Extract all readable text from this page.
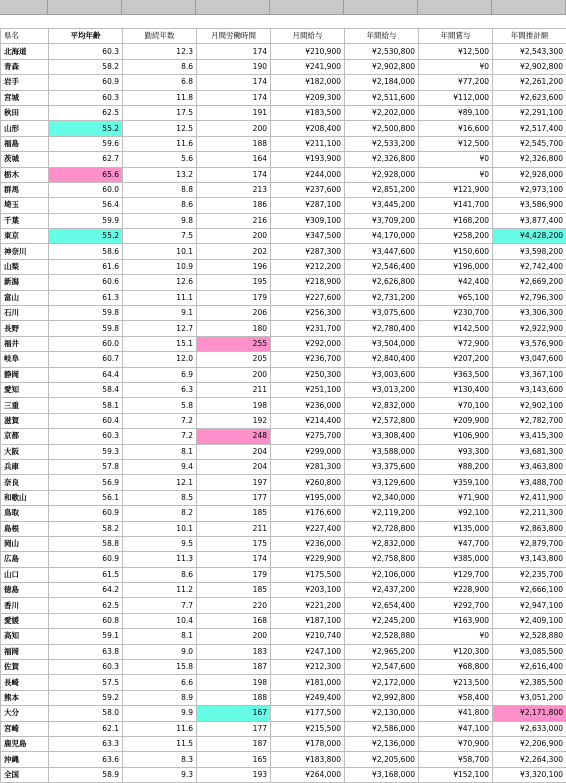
県名	平均年齢	勤続年数	月間労働時間	月間給与	年間給与	年間賞与	年間推計額
北海道	60.3	12.3	174	¥210,900	¥2,530,800	¥12,500	¥2,543,300
青森	58.2	8.6	190	¥241,900	¥2,902,800	¥0	¥2,902,800
岩手	60.9	6.8	174	¥182,000	¥2,184,000	¥77,200	¥2,261,200
宮城	60.3	11.8	174	¥209,300	¥2,511,600	¥112,000	¥2,623,600
秋田	62.5	17.5	191	¥183,500	¥2,202,000	¥89,100	¥2,291,100
山形	55.2	12.5	200	¥208,400	¥2,500,800	¥16,600	¥2,517,400
福島	59.6	11.6	188	¥211,100	¥2,533,200	¥12,500	¥2,545,700
茨城	62.7	5.6	164	¥193,900	¥2,326,800	¥0	¥2,326,800
栃木	65.6	13.2	174	¥244,000	¥2,928,000	¥0	¥2,928,000
群馬	60.0	8.8	213	¥237,600	¥2,851,200	¥121,900	¥2,973,100
埼玉	56.4	8.6	186	¥287,100	¥3,445,200	¥141,700	¥3,586,900
千葉	59.9	9.8	216	¥309,100	¥3,709,200	¥168,200	¥3,877,400
東京	55.2	7.5	200	¥347,500	¥4,170,000	¥258,200	¥4,428,200
神奈川	58.6	10.1	202	¥287,300	¥3,447,600	¥150,600	¥3,598,200
山梨	61.6	10.9	196	¥212,200	¥2,546,400	¥196,000	¥2,742,400
新潟	60.6	12.6	195	¥218,900	¥2,626,800	¥42,400	¥2,669,200
富山	61.3	11.1	179	¥227,600	¥2,731,200	¥65,100	¥2,796,300
石川	59.8	9.1	206	¥256,300	¥3,075,600	¥230,700	¥3,306,300
長野	59.8	12.7	180	¥231,700	¥2,780,400	¥142,500	¥2,922,900
福井	60.0	15.1	255	¥292,000	¥3,504,000	¥72,900	¥3,576,900
岐阜	60.7	12.0	205	¥236,700	¥2,840,400	¥207,200	¥3,047,600
静岡	64.4	6.9	200	¥250,300	¥3,003,600	¥363,500	¥3,367,100
愛知	58.4	6.3	211	¥251,100	¥3,013,200	¥130,400	¥3,143,600
三重	58.1	5.8	198	¥236,000	¥2,832,000	¥70,100	¥2,902,100
滋賀	60.4	7.2	192	¥214,400	¥2,572,800	¥209,900	¥2,782,700
京都	60.3	7.2	248	¥275,700	¥3,308,400	¥106,900	¥3,415,300
大阪	59.3	8.1	204	¥299,000	¥3,588,000	¥93,300	¥3,681,300
兵庫	57.8	9.4	204	¥281,300	¥3,375,600	¥88,200	¥3,463,800
奈良	56.9	12.1	197	¥260,800	¥3,129,600	¥359,100	¥3,488,700
和歌山	56.1	8.5	177	¥195,000	¥2,340,000	¥71,900	¥2,411,900
鳥取	60.9	8.2	185	¥176,600	¥2,119,200	¥92,100	¥2,211,300
島根	58.2	10.1	211	¥227,400	¥2,728,800	¥135,000	¥2,863,800
岡山	58.8	9.5	175	¥236,000	¥2,832,000	¥47,700	¥2,879,700
広島	60.9	11.3	174	¥229,900	¥2,758,800	¥385,000	¥3,143,800
山口	61.5	8.6	179	¥175,500	¥2,106,000	¥129,700	¥2,235,700
徳島	64.2	11.2	185	¥203,100	¥2,437,200	¥228,900	¥2,666,100
香川	62.5	7.7	220	¥221,200	¥2,654,400	¥292,700	¥2,947,100
愛媛	60.8	10.4	168	¥187,100	¥2,245,200	¥163,900	¥2,409,100
高知	59.1	8.1	200	¥210,740	¥2,528,880	¥0	¥2,528,880
福岡	63.8	9.0	183	¥247,100	¥2,965,200	¥120,300	¥3,085,500
佐賀	60.3	15.8	187	¥212,300	¥2,547,600	¥68,800	¥2,616,400
長崎	57.5	6.6	198	¥181,000	¥2,172,000	¥213,500	¥2,385,500
熊本	59.2	8.9	188	¥249,400	¥2,992,800	¥58,400	¥3,051,200
大分	58.0	9.9	167	¥177,500	¥2,130,000	¥41,800	¥2,171,800
宮崎	62.1	11.6	177	¥215,500	¥2,586,000	¥47,100	¥2,633,000
鹿児島	63.3	11.5	187	¥178,000	¥2,136,000	¥70,900	¥2,206,900
沖縄	63.6	8.3	165	¥183,800	¥2,205,600	¥58,700	¥2,264,300
全国	58.9	9.3	193	¥264,000	¥3,168,000	¥152,100	¥3,320,100
